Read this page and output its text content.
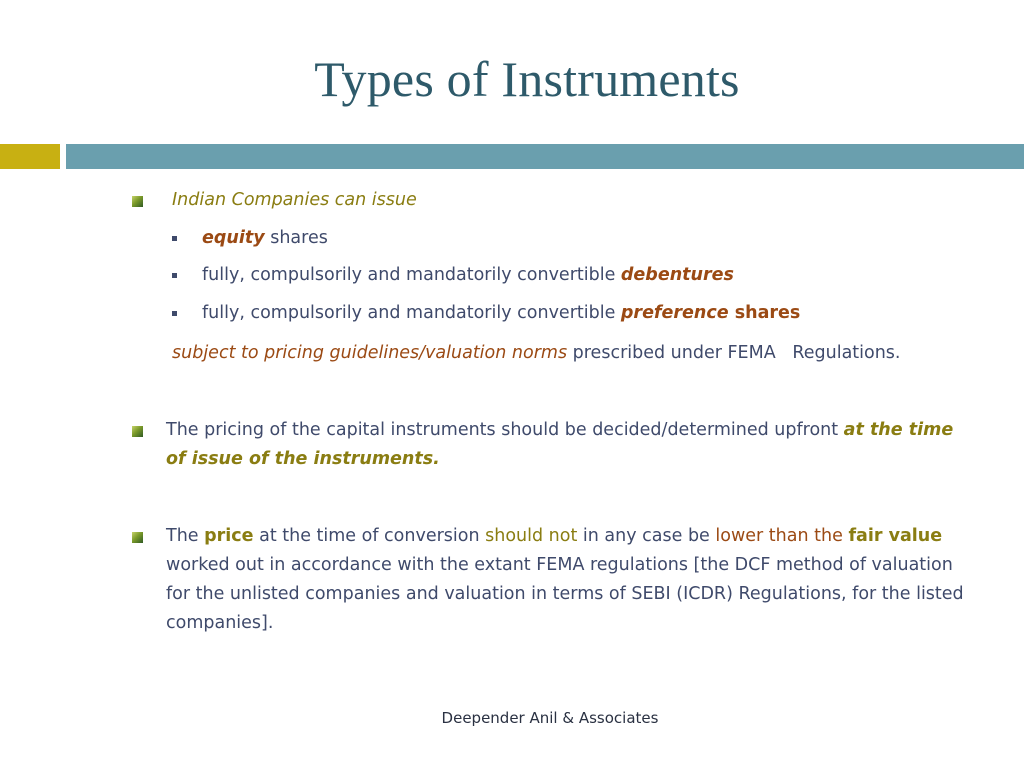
Types of Instruments
Indian Companies can issue
equity shares
fully, compulsorily and mandatorily convertible debentures
fully, compulsorily and mandatorily convertible preference shares
subject to pricing guidelines/valuation norms prescribed under FEMA   Regulations.
The pricing of the capital instruments should be decided/determined upfront at the time of issue of the instruments.
The price at the time of conversion should not in any case be lower than the fair value worked out in accordance with the extant FEMA regulations [the DCF method of valuation for the unlisted companies and valuation in terms of SEBI (ICDR) Regulations, for the listed companies].
Deepender Anil & Associates
